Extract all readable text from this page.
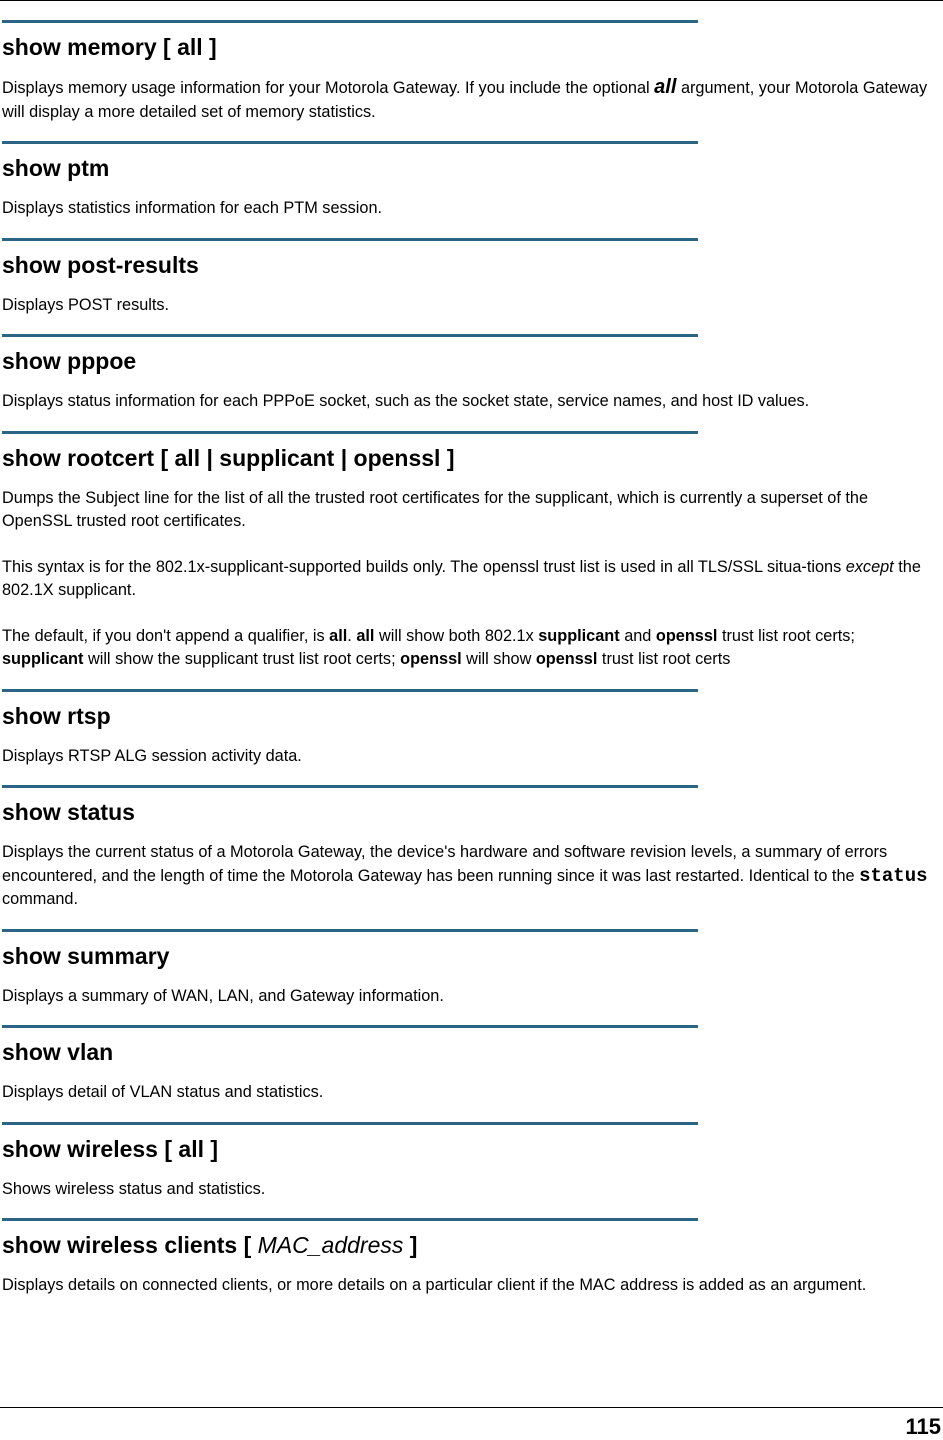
show memory [ all ]
Displays memory usage information for your Motorola Gateway. If you include the optional all argument, your Motorola Gateway will display a more detailed set of memory statistics.
show ptm
Displays statistics information for each PTM session.
show post-results
Displays POST results.
show pppoe
Displays status information for each PPPoE socket, such as the socket state, service names, and host ID values.
show rootcert [ all | supplicant | openssl ]

Dumps the Subject line for the list of all the trusted root certificates for the supplicant, which is currently a superset of the OpenSSL trusted root certificates.

This syntax is for the 802.1x-supplicant-supported builds only. The openssl trust list is used in all TLS/SSL situa-tions except the 802.1X supplicant.

The default, if you don't append a qualifier, is all. all will show both 802.1x supplicant and openssl trust list root certs; supplicant will show the supplicant trust list root certs; openssl will show openssl trust list root certs

show rtsp
Displays RTSP ALG session activity data.
show status
Displays the current status of a Motorola Gateway, the device's hardware and software revision levels, a summary of errors encountered, and the length of time the Motorola Gateway has been running since it was last restarted. Identical to the status command.
show summary
Displays a summary of WAN, LAN, and Gateway information.
show vlan
Displays detail of VLAN status and statistics.
show wireless [ all ]
Shows wireless status and statistics.
show wireless clients [ MAC_address ]
Displays details on connected clients, or more details on a particular client if the MAC address is added as an argument.
115
